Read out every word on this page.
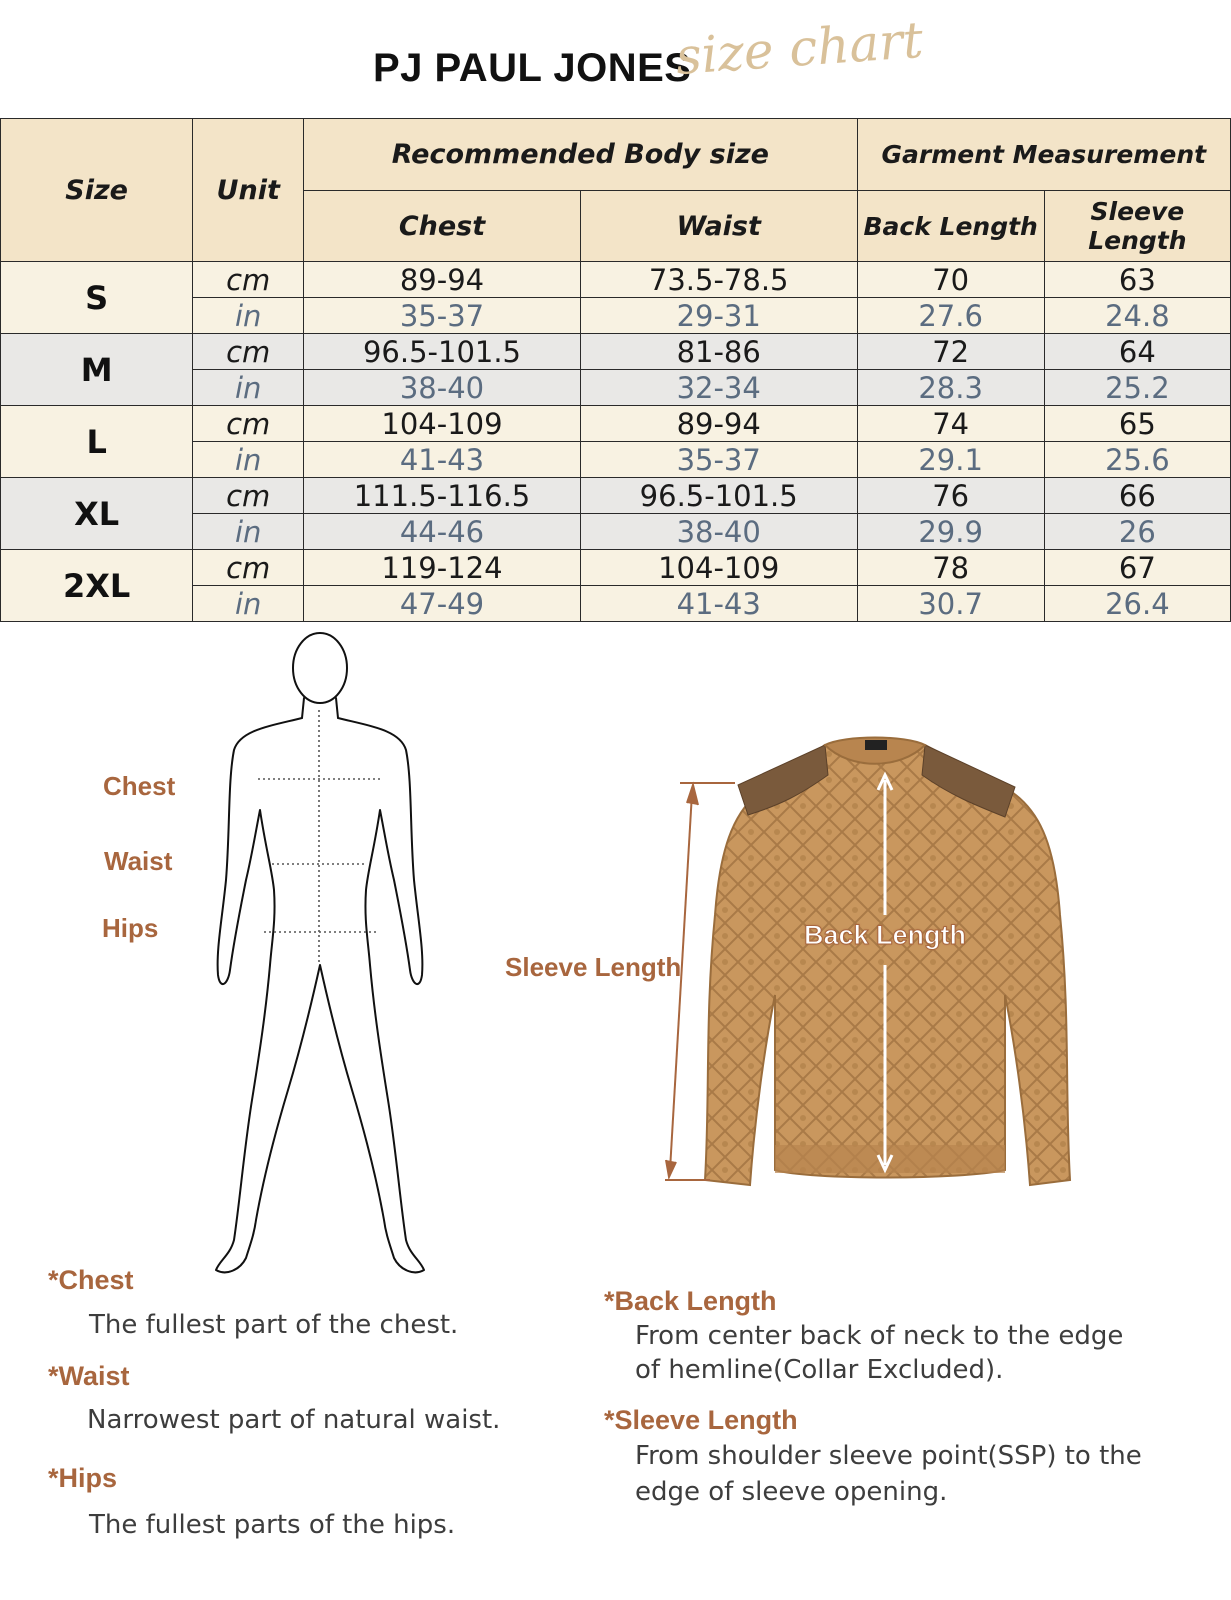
PJ PAUL JONES
size chart
Size	Unit	Recommended Body size		Garment Measurement	
		Chest	Waist	Back Length	Sleeve Length
S	cm	89-94	73.5-78.5	70	63
	in	35-37	29-31	27.6	24.8
M	cm	96.5-101.5	81-86	72	64
	in	38-40	32-34	28.3	25.2
L	cm	104-109	89-94	74	65
	in	41-43	35-37	29.1	25.6
XL	cm	111.5-116.5	96.5-101.5	76	66
	in	44-46	38-40	29.9	26
2XL	cm	119-124	104-109	78	67
	in	47-49	41-43	30.7	26.4
Chest
Waist
Hips	Back Length
Sleeve Length
*Chest
The fullest part of the chest.
*Waist
Narrowest part of natural waist.
*Hips
The fullest parts of the hips.
*Back Length
From center back of neck to the edge
of hemline(Collar Excluded).
*Sleeve Length
From shoulder sleeve point(SSP) to the
edge of sleeve opening.
